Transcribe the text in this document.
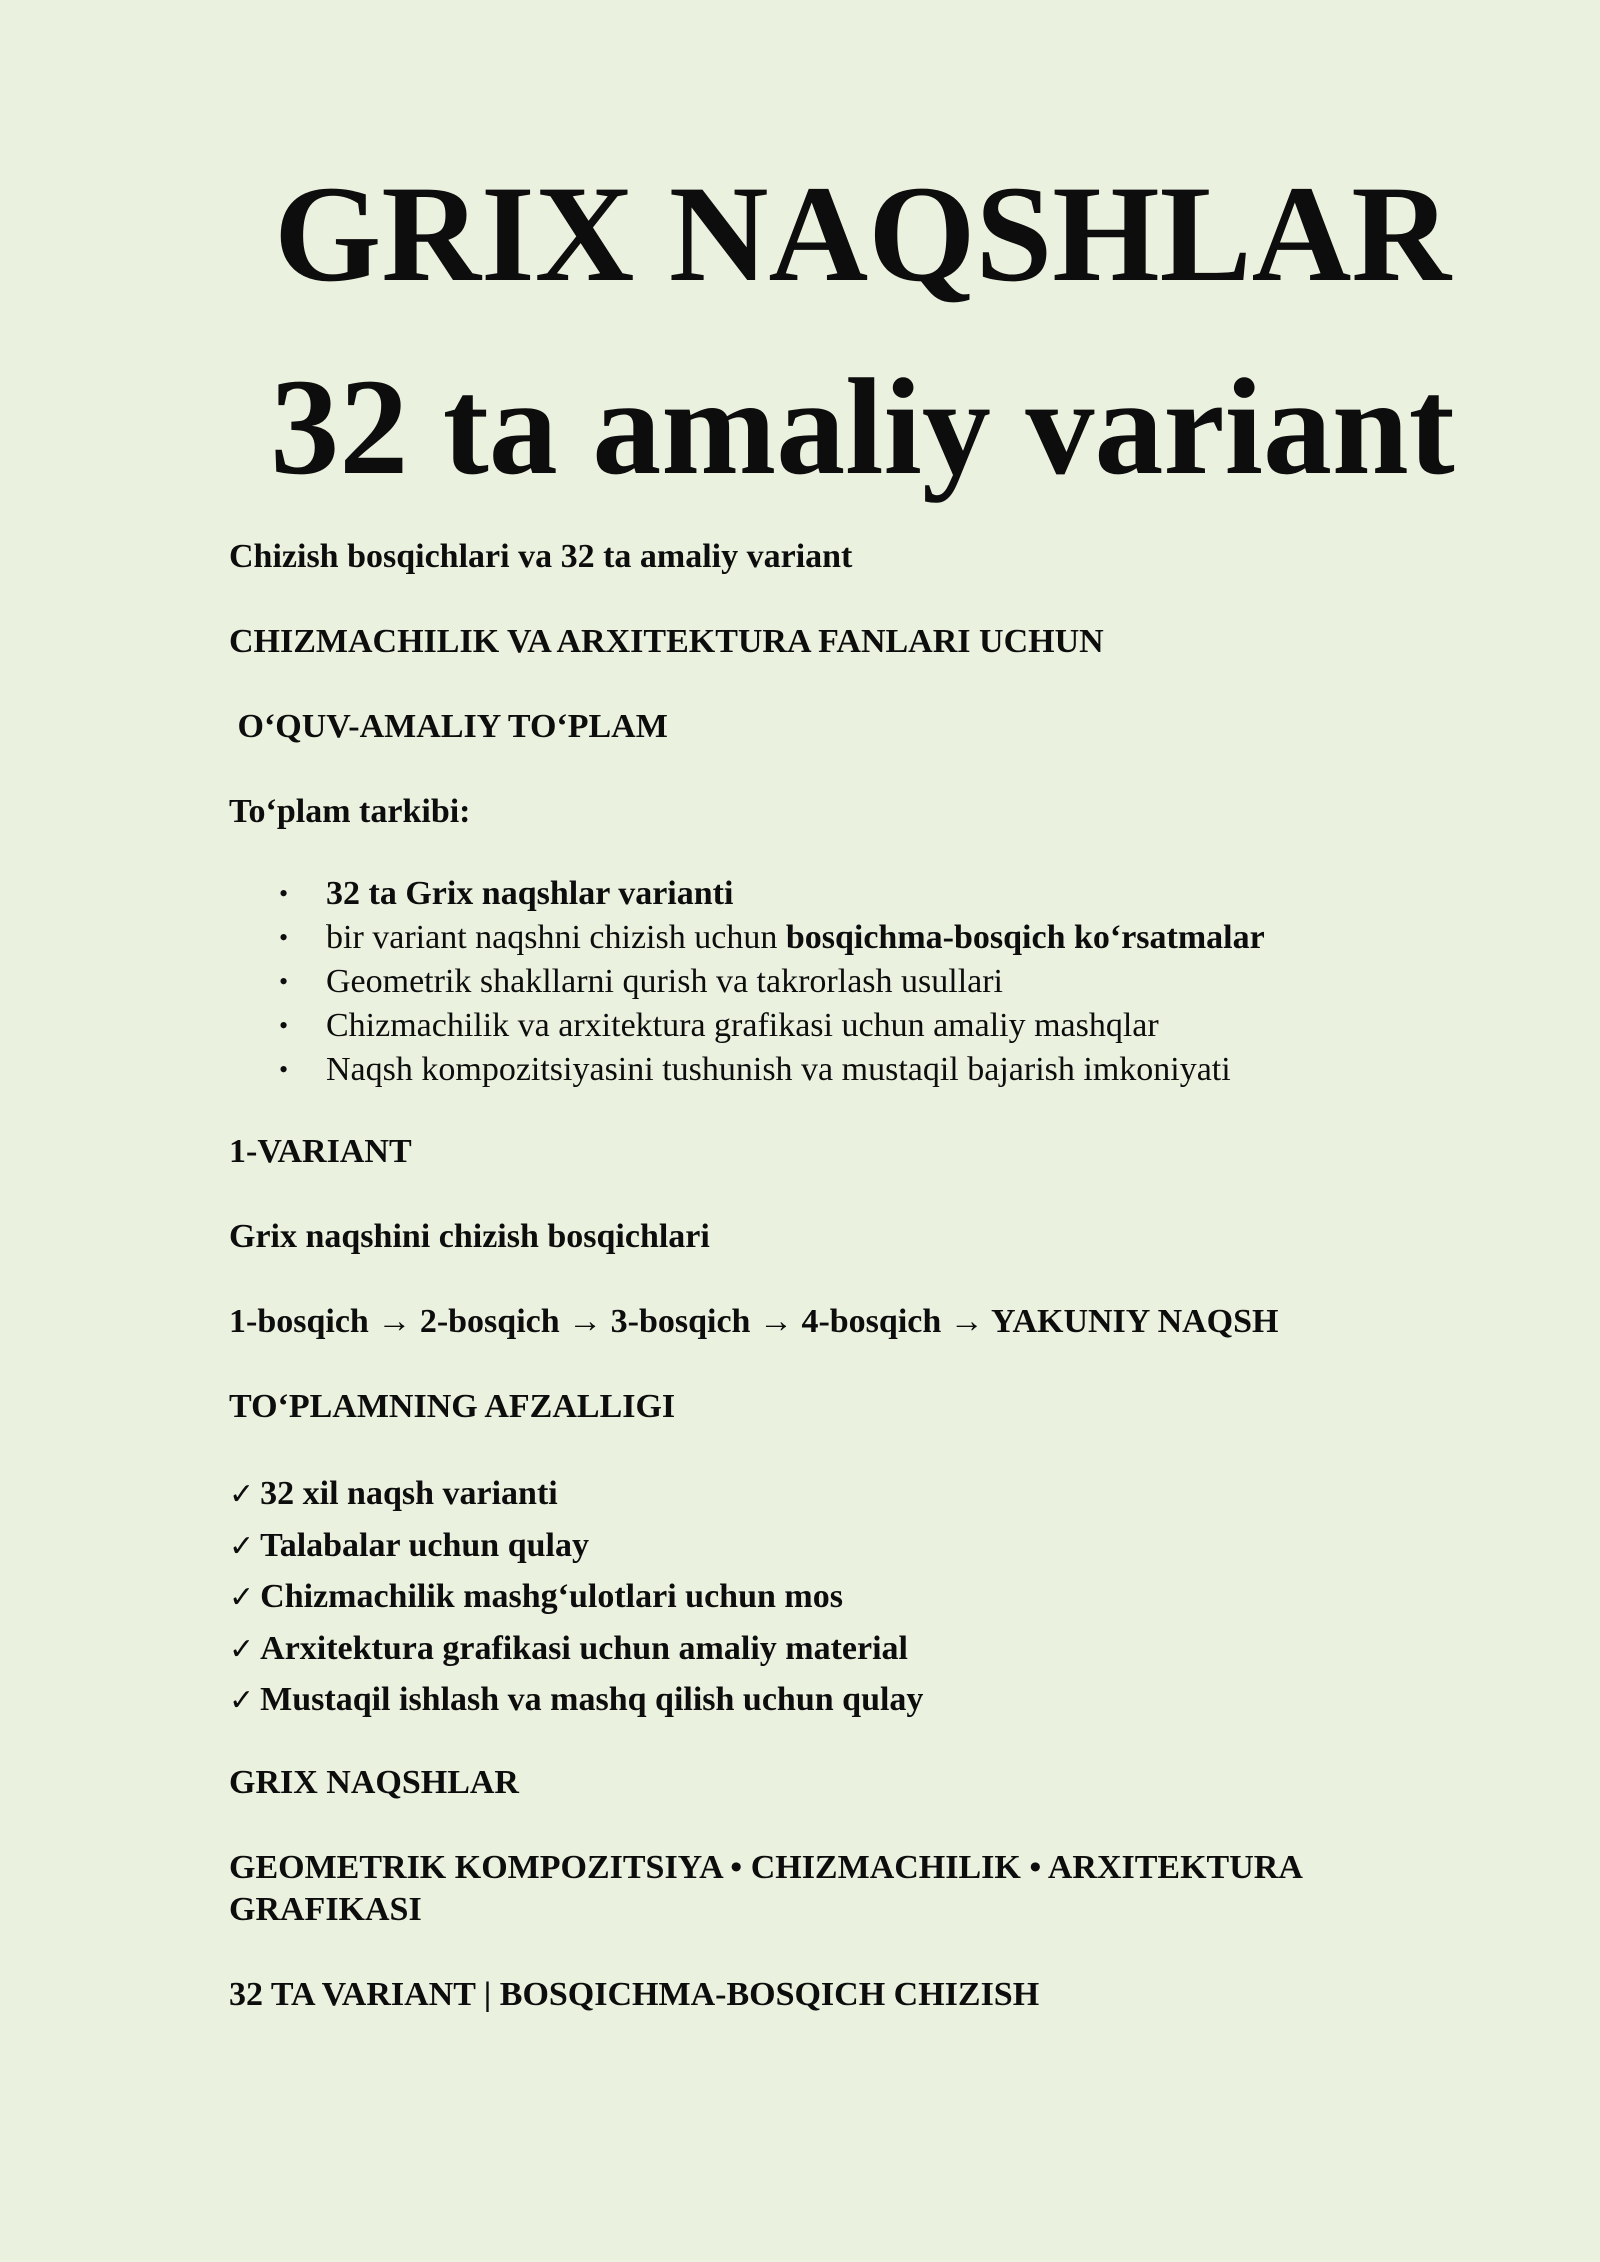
GRIX NAQSHLAR
32 ta amaliy variant

Chizish bosqichlari va 32 ta amaliy variant

CHIZMACHILIK VA ARXITEKTURA FANLARI UCHUN

O‘QUV-AMALIY TO‘PLAM

To‘plam tarkibi:

• 32 ta Grix naqshlar varianti
• bir variant naqshni chizish uchun bosqichma-bosqich ko‘rsatmalar
• Geometrik shakllarni qurish va takrorlash usullari
• Chizmachilik va arxitektura grafikasi uchun amaliy mashqlar
• Naqsh kompozitsiyasini tushunish va mustaqil bajarish imkoniyati

1-VARIANT

Grix naqshini chizish bosqichlari

1-bosqich → 2-bosqich → 3-bosqich → 4-bosqich → YAKUNIY NAQSH

TO‘PLAMNING AFZALLIGI

✓ 32 xil naqsh varianti
✓ Talabalar uchun qulay
✓ Chizmachilik mashg‘ulotlari uchun mos
✓ Arxitektura grafikasi uchun amaliy material
✓ Mustaqil ishlash va mashq qilish uchun qulay

GRIX NAQSHLAR

GEOMETRIK KOMPOZITSIYA • CHIZMACHILIK • ARXITEKTURA GRAFIKASI

32 TA VARIANT | BOSQICHMA-BOSQICH CHIZISH
